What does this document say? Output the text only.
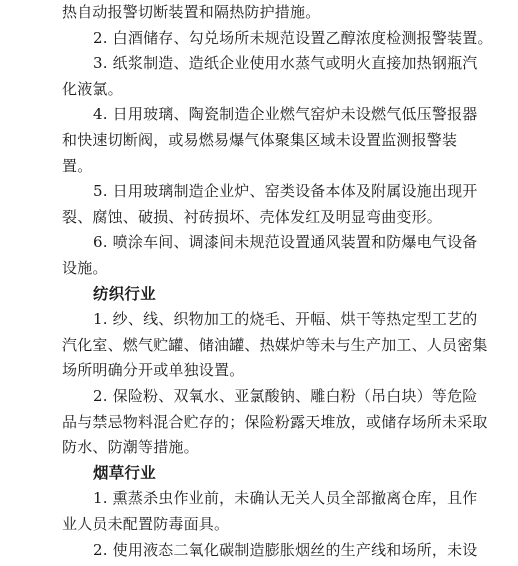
热自动报警切断装置和隔热防护措施。
2. 白酒储存、勾兑场所未规范设置乙醇浓度检测报警装置。
3. 纸浆制造、造纸企业使用水蒸气或明火直接加热钢瓶汽
化液氯。
4. 日用玻璃、陶瓷制造企业燃气窑炉未设燃气低压警报器
和快速切断阀，或易燃易爆气体聚集区域未设置监测报警装
置。
5. 日用玻璃制造企业炉、窑类设备本体及附属设施出现开
裂、腐蚀、破损、衬砖损坏、壳体发红及明显弯曲变形。
6. 喷涂车间、调漆间未规范设置通风装置和防爆电气设备
设施。
纺织行业
1. 纱、线、织物加工的烧毛、开幅、烘干等热定型工艺的
汽化室、燃气贮罐、储油罐、热媒炉等未与生产加工、人员密集
场所明确分开或单独设置。
2. 保险粉、双氧水、亚氯酸钠、雕白粉（吊白块）等危险
品与禁忌物料混合贮存的；保险粉露天堆放，或储存场所未采取
防水、防潮等措施。
烟草行业
1. 熏蒸杀虫作业前，未确认无关人员全部撤离仓库，且作
业人员未配置防毒面具。
2. 使用液态二氧化碳制造膨胀烟丝的生产线和场所，未设
